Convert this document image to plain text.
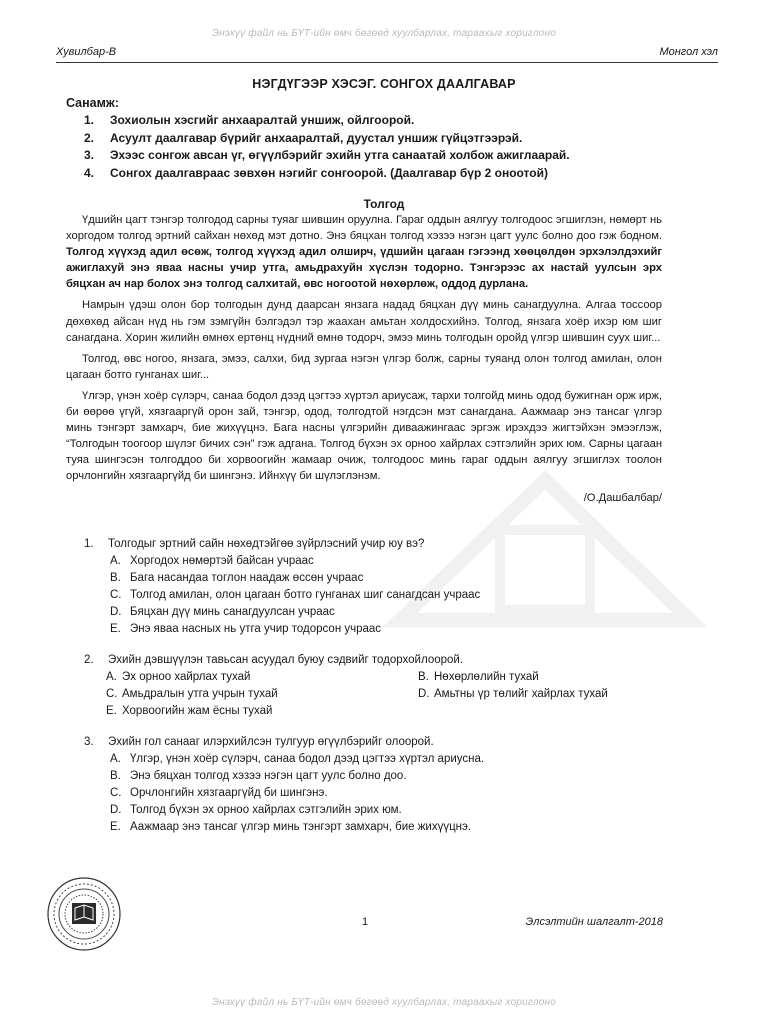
Энэхүү файл нь БҮТ-ийн өмч бөгөөд хуулбарлах, тараахыг хориглоно
Хувилбар-B	Монгол хэл
НЭГДҮГЭЭР ХЭСЭГ. СОНГОХ ДААЛГАВАР
Санамж:
1.	Зохиолын хэсгийг анхааралтай уншиж, ойлгоорой.
2.	Асуулт даалгавар бүрийг анхааралтай, дуустал уншиж гүйцэтгээрэй.
3.	Эхээс сонгож авсан үг, өгүүлбэрийг эхийн утга санаатай холбож ажиглаарай.
4.	Сонгох даалгавраас зөвхөн нэгийг сонгоорой. (Даалгавар бүр 2 оноотой)
Толгод

Үдшийн цагт тэнгэр толгодод сарны туяаг шившин оруулна. Гараг оддын аялгуу толгодоос эгшиглэн, нөмөрт нь хоргодом толгод эртний сайхан нөхөд мэт дотно. Энэ бяцхан толгод хэзээ нэгэн цагт уулс болно доо гэж бодном. Толгод хүүхэд адил өсөж, толгод хүүхэд адил олширч, үдшийн цагаан гэгээнд хөөцөлдөн эрхэлэлдэхийг ажиглахуй энэ яваа насны учир утга, амьдрахуйн хүслэн тодорно. Тэнгэрээс ах настай уулсын эрх бяцхан ач нар болох энэ толгод салхитай, өвс ногоотой нөхөрлөж, оддод дурлана.

Намрын үдэш олон бор толгодын дунд даарсан янзага надад бяцхан дүү минь санагдуулна. Алгаа тоссоор дөхөхөд айсан нүд нь гэм зэмгүйн бэлгэдэл тэр жаахан амьтан холдосхийнэ. Толгод, янзага хоёр ихэр юм шиг санагдана. Хорин жилийн өмнөх ертөнц нүдний өмнө тодорч, эмээ минь толгодын оройд үлгэр шившин суух шиг...

Толгод, өвс ногоо, янзага, эмээ, салхи, бид зургаа нэгэн үлгэр болж, сарны туяанд олон толгод амилан, олон цагаан ботго гунганах шиг...

Үлгэр, үнэн хоёр сүлэрч, санаа бодол дээд цэгтээ хүртэл ариусаж, тархи толгойд минь одод бужигнан орж ирж, би өөрөө үгүй, хязгааргүй орон зай, тэнгэр, одод, толгодтой нэгдсэн мэт санагдана. Аажмаар энэ тансаг үлгэр минь тэнгэрт замхарч, бие жихүүцнэ. Бага насны үлгэрийн диваажингаас эргэж ирэхдээ жигтэйхэн эмээглэж, “Толгодын тоогоор шүлэг бичих сэн” гэж адгана. Толгод бүхэн эх орноо хайрлах сэтгэлийн эрих юм. Сарны цагаан туяа шингэсэн толгоддоо би хорвоогийн жамаар очиж, толгодоос минь гараг оддын аялгуу эгшиглэх тоолон орчлонгийн хязгааргүйд би шингэнэ. Ийнхүү би шүлэглэнэм.

/О.Дашбалбар/
1.	Толгодыг эртний сайн нөхөдтэйгөө зүйрлэсний учир юу вэ?
A. Хоргодох нөмөртэй байсан учраас
B. Бага насандаа тоглон наадаж өссөн учраас
C. Толгод амилан, олон цагаан ботго гунганах шиг санагдсан учраас
D. Бяцхан дүү минь санагдуулсан учраас
E. Энэ яваа насных нь утга учир тодорсон учраас
2.	Эхийн дэвшүүлэн тавьсан асуудал буюу сэдвийг тодорхойлоорой.
A. Эх орноо хайрлах тухай	B. Нөхөрлөлийн тухай
C. Амьдралын утга учрын тухай	D. Амьтны үр төлийг хайрлах тухай
E. Хорвоогийн жам ёсны тухай
3.	Эхийн гол санааг илэрхийлсэн тулгуур өгүүлбэрийг олоорой.
A. Үлгэр, үнэн хоёр сүлэрч, санаа бодол дээд цэгтээ хүртэл ариусна.
B. Энэ бяцхан толгод хэзээ нэгэн цагт уулс болно доо.
C. Орчлонгийн хязгааргүйд би шингэнэ.
D. Толгод бүхэн эх орноо хайрлах сэтгэлийн эрих юм.
E. Аажмаар энэ тансаг үлгэр минь тэнгэрт замхарч, бие жихүүцнэ.
1	Элсэлтийн шалгалт-2018
Энэхүү файл нь БҮТ-ийн өмч бөгөөд хуулбарлах, тараахыг хориглоно
